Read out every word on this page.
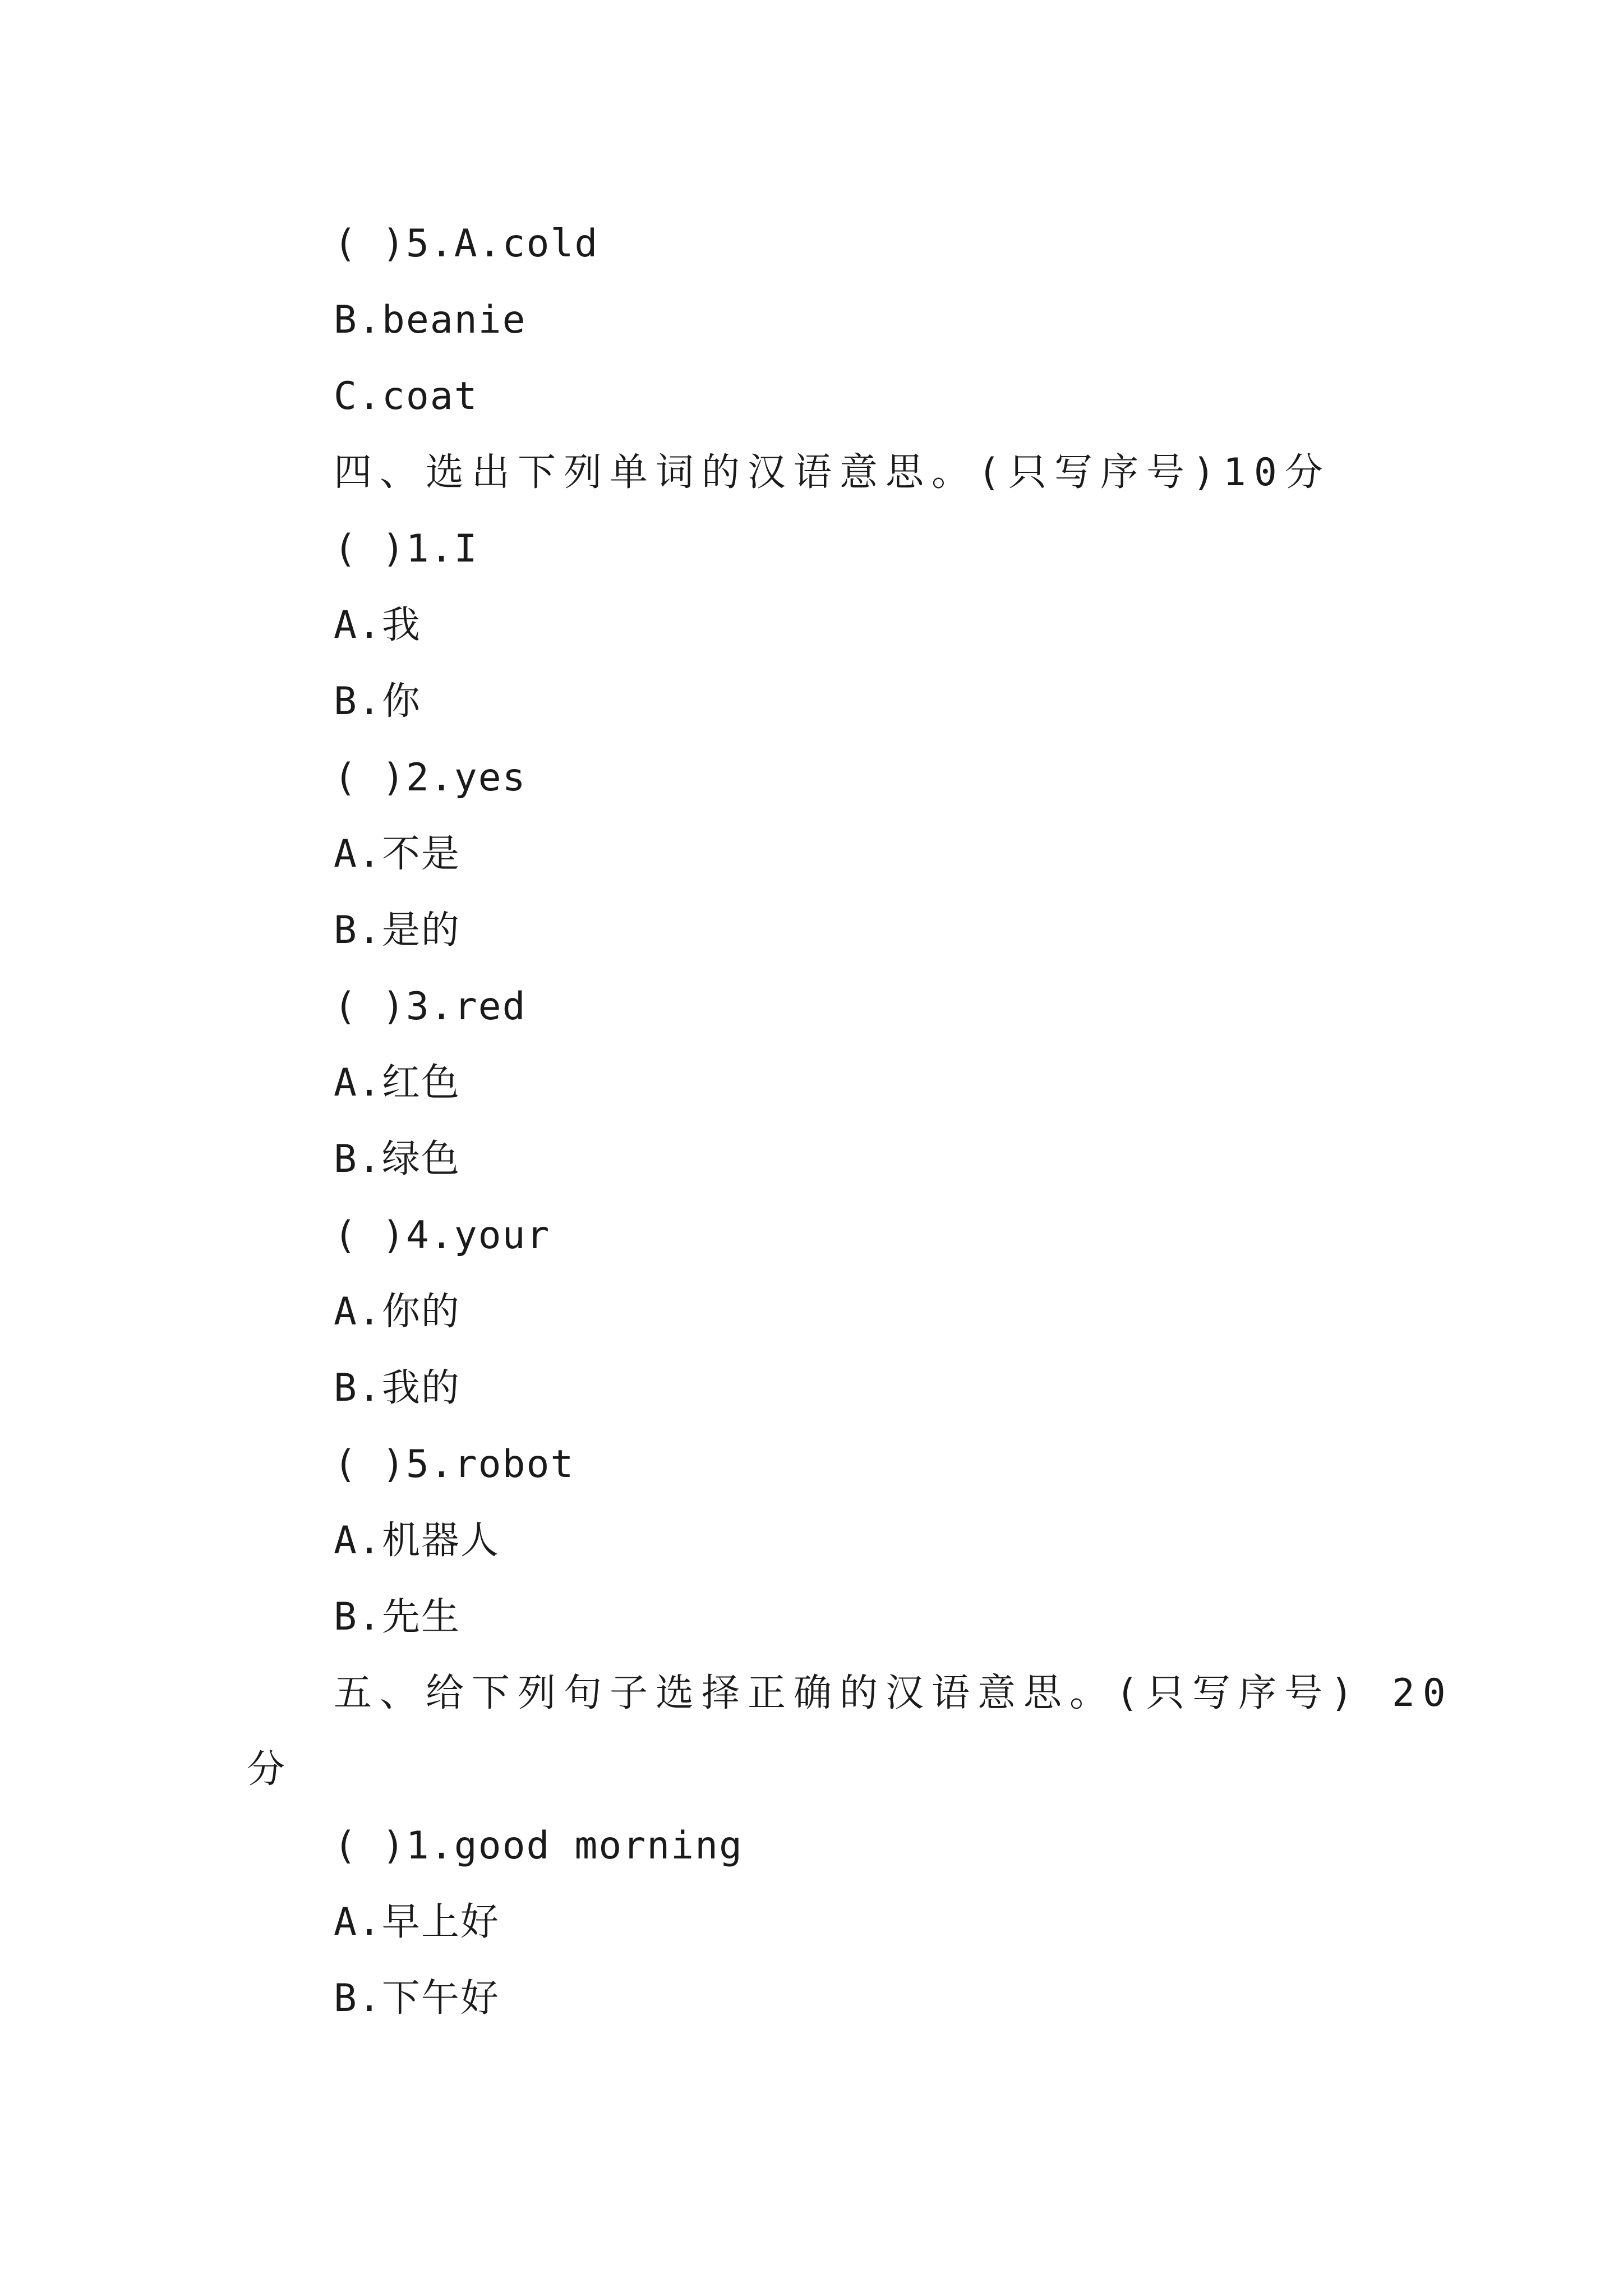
( )5.A.cold
B.beanie
C.coat
四、选出下列单词的汉语意思。(只写序号)10分
( )1.I
A.我
B.你
( )2.yes
A.不是
B.是的
( )3.red
A.红色
B.绿色
( )4.your
A.你的
B.我的
( )5.robot
A.机器人
B.先生
五、给下列句子选择正确的汉语意思。(只写序号) 20
分
( )1.good morning
A.早上好
B.下午好
